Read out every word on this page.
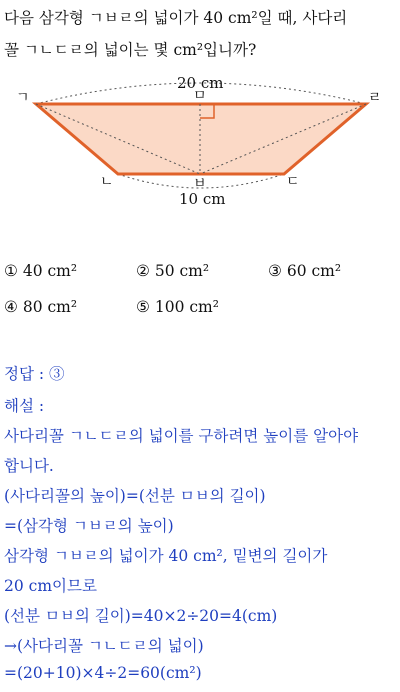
다음 삼각형 ㄱㅂㄹ의 넓이가 40 cm²일 때, 사다리
꼴 ㄱㄴㄷㄹ의 넓이는 몇 cm²입니까?
20 cm
10 cm
ㄱ	ㅁ	ㄹ
ㄴ	ㅂ	ㄷ
① 40 cm²	② 50 cm²	③ 60 cm²
④ 80 cm²	⑤ 100 cm²
정답 : ③
해설 :
사다리꼴 ㄱㄴㄷㄹ의 넓이를 구하려면 높이를 알아야
합니다.
(사다리꼴의 높이)=(선분 ㅁㅂ의 길이)
=(삼각형 ㄱㅂㄹ의 높이)
삼각형 ㄱㅂㄹ의 넓이가 40 cm², 밑변의 길이가
20 cm이므로
(선분 ㅁㅂ의 길이)=40×2÷20=4(cm)
→(사다리꼴 ㄱㄴㄷㄹ의 넓이)
=(20+10)×4÷2=60(cm²)
